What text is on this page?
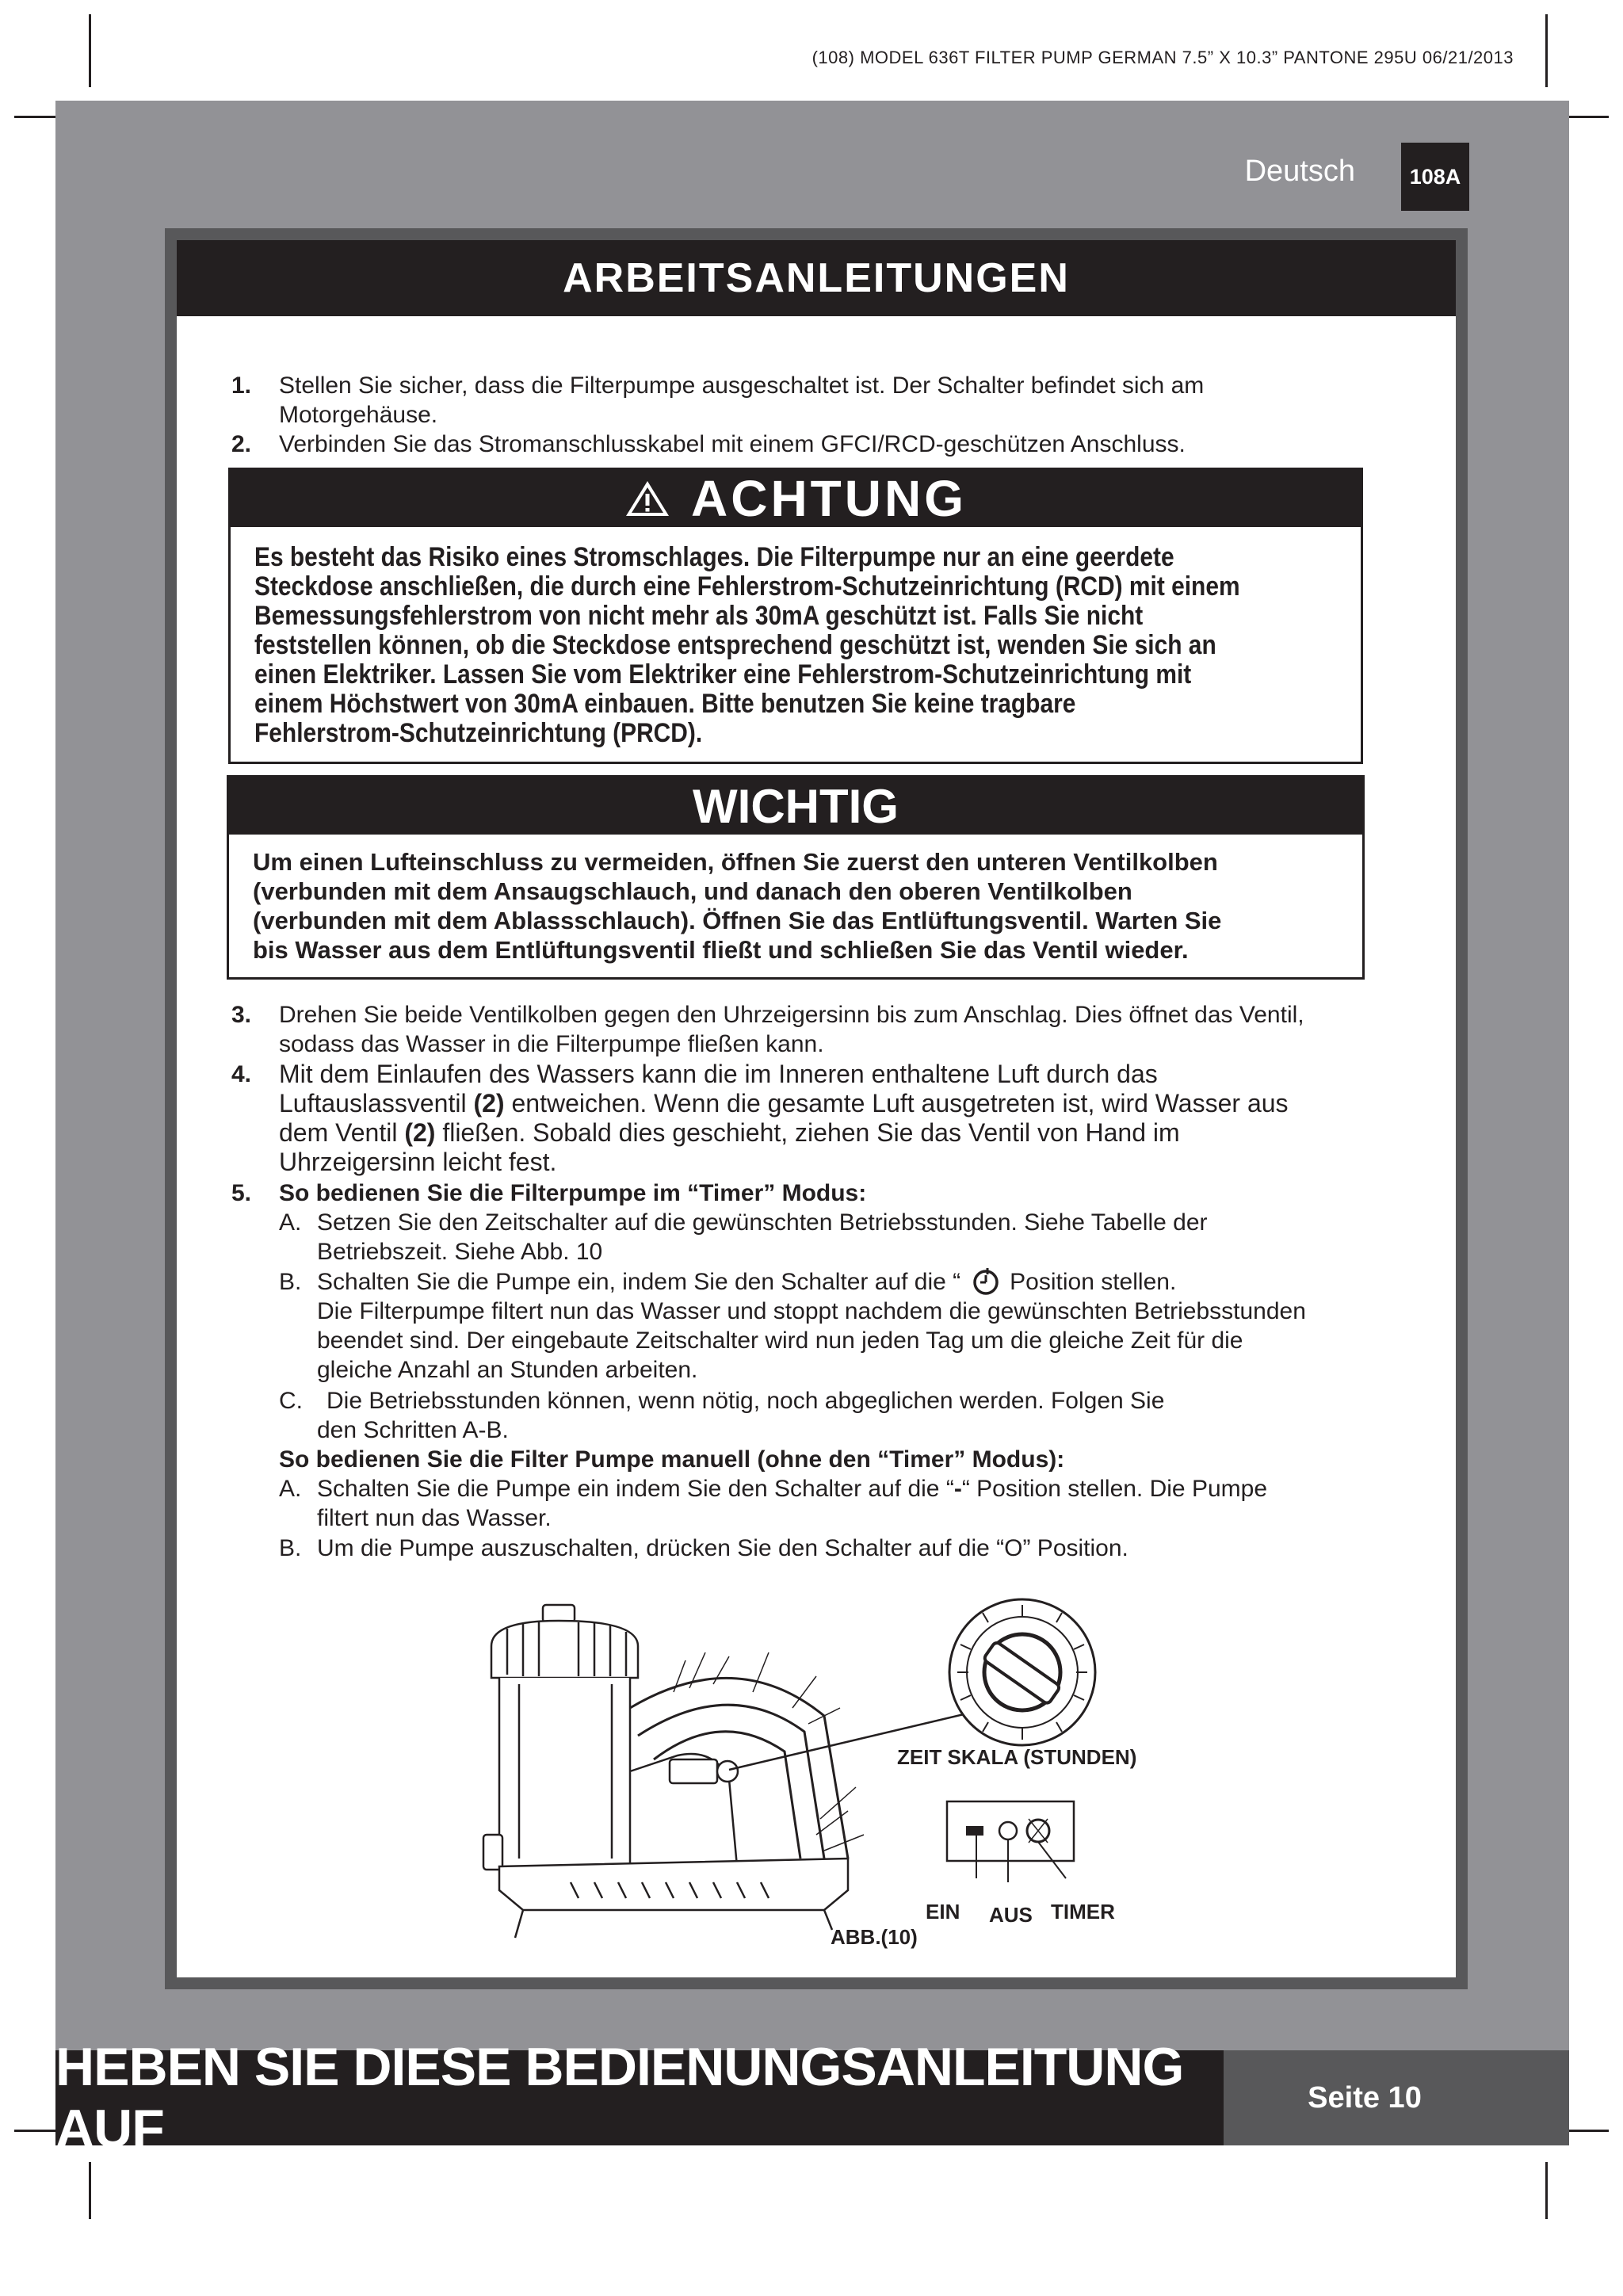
(108) MODEL 636T FILTER PUMP GERMAN 7.5” X 10.3” PANTONE 295U 06/21/2013
Deutsch	108A
ARBEITSANLEITUNGEN
1. Stellen Sie sicher, dass die Filterpumpe ausgeschaltet ist. Der Schalter befindet sich am
Motorgehäuse.
2. Verbinden Sie das Stromanschlusskabel mit einem GFCI/RCD-geschützen Anschluss.
ACHTUNG
Es besteht das Risiko eines Stromschlages. Die Filterpumpe nur an eine geerdete
Steckdose anschließen, die durch eine Fehlerstrom-Schutzeinrichtung (RCD) mit einem
Bemessungsfehlerstrom von nicht mehr als 30mA geschützt ist. Falls Sie nicht
feststellen können, ob die Steckdose entsprechend geschützt ist, wenden Sie sich an
einen Elektriker. Lassen Sie vom Elektriker eine Fehlerstrom-Schutzeinrichtung mit
einem Höchstwert von 30mA einbauen. Bitte benutzen Sie keine tragbare
Fehlerstrom-Schutzeinrichtung (PRCD).
WICHTIG
Um einen Lufteinschluss zu vermeiden, öffnen Sie zuerst den unteren Ventilkolben
(verbunden mit dem Ansaugschlauch, und danach den oberen Ventilkolben
(verbunden mit dem Ablassschlauch). Öffnen Sie das Entlüftungsventil. Warten Sie
bis Wasser aus dem Entlüftungsventil fließt und schließen Sie das Ventil wieder.
3. Drehen Sie beide Ventilkolben gegen den Uhrzeigersinn bis zum Anschlag. Dies öffnet das Ventil,
sodass das Wasser in die Filterpumpe fließen kann.
4. Mit dem Einlaufen des Wassers kann die im Inneren enthaltene Luft durch das
Luftauslassventil (2) entweichen. Wenn die gesamte Luft ausgetreten ist, wird Wasser aus
dem Ventil (2) fließen. Sobald dies geschieht, ziehen Sie das Ventil von Hand im
Uhrzeigersinn leicht fest.
5. So bedienen Sie die Filterpumpe im “Timer” Modus:
A. Setzen Sie den Zeitschalter auf die gewünschten Betriebsstunden. Siehe Tabelle der
Betriebszeit. Siehe Abb. 10
B. Schalten Sie die Pumpe ein, indem Sie den Schalter auf die “ Position stellen.
Die Filterpumpe filtert nun das Wasser und stoppt nachdem die gewünschten Betriebsstunden
beendet sind. Der eingebaute Zeitschalter wird nun jeden Tag um die gleiche Zeit für die
gleiche Anzahl an Stunden arbeiten.
C. Die Betriebsstunden können, wenn nötig, noch abgeglichen werden. Folgen Sie
den Schritten A-B.
So bedienen Sie die Filter Pumpe manuell (ohne den “Timer” Modus):
A. Schalten Sie die Pumpe ein indem Sie den Schalter auf die “-“ Position stellen. Die Pumpe
filtert nun das Wasser.
B. Um die Pumpe auszuschalten, drücken Sie den Schalter auf die “O” Position.
ZEIT SKALA (STUNDEN)
EIN AUS TIMER
ABB.(10)
HEBEN SIE DIESE BEDIENUNGSANLEITUNG AUF
Seite 10
